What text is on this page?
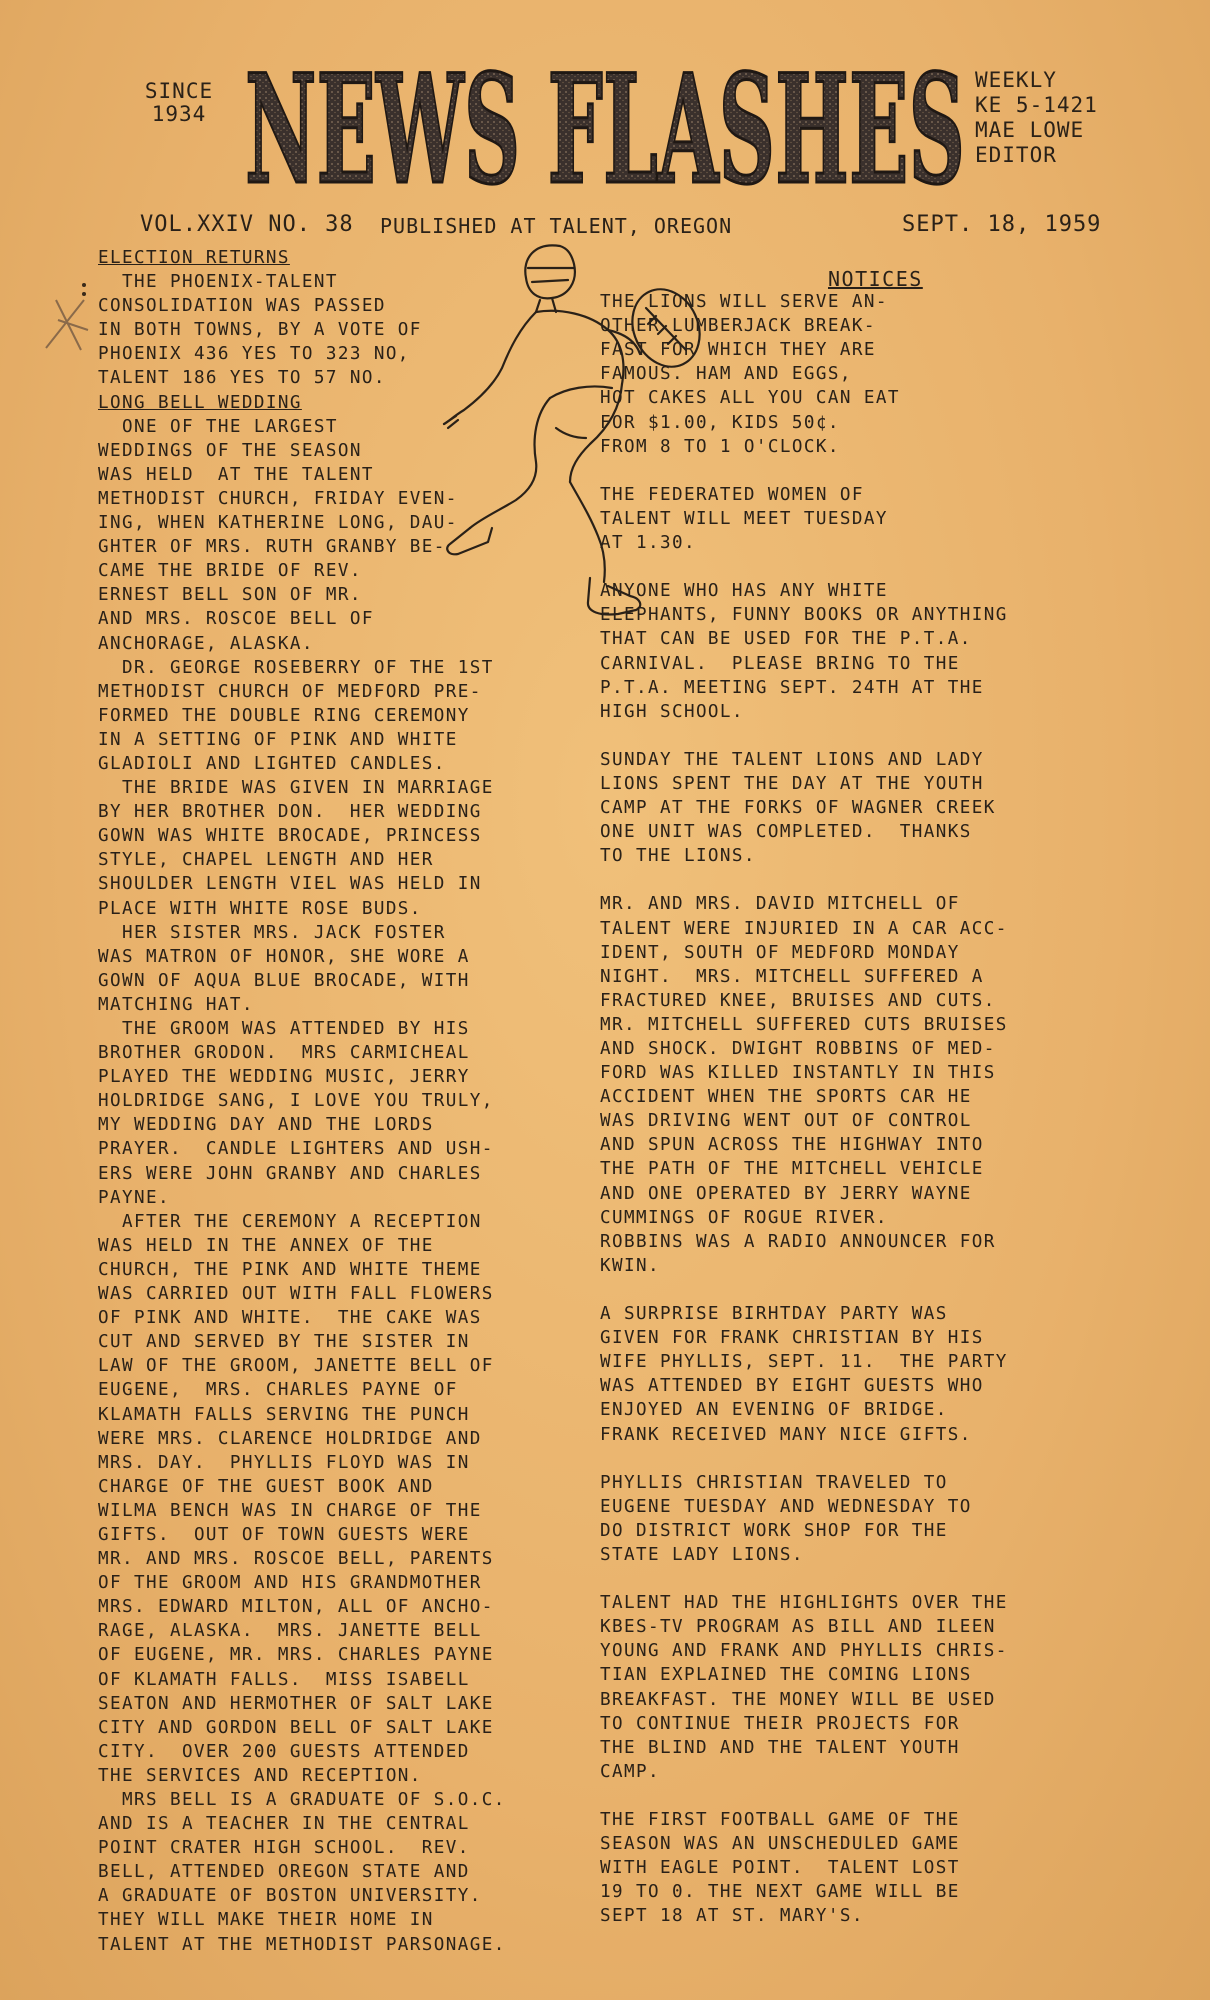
SINCE 1934 NEWS FLASHES WEEKLY
KE 5-1421
MAE LOWE
EDITOR
VOL.XXIV NO. 38 PUBLISHED AT TALENT, OREGON	SEPT. 18, 1959
ELECTION RETURNS
THE PHOENIX-TALENT
CONSOLIDATION WAS PASSED
IN BOTH TOWNS, BY A VOTE OF
PHOENIX 436 YES TO 323 NO,
TALENT 186 YES TO 57 NO.
LONG BELL WEDDING
ONE OF THE LARGEST
WEDDINGS OF THE SEASON
WAS HELD  AT THE TALENT
METHODIST CHURCH, FRIDAY EVEN-
ING, WHEN KATHERINE LONG, DAU-
GHTER OF MRS. RUTH GRANBY BE-
CAME THE BRIDE OF REV.
ERNEST BELL SON OF MR.
AND MRS. ROSCOE BELL OF
ANCHORAGE, ALASKA.
DR. GEORGE ROSEBERRY OF THE 1ST
METHODIST CHURCH OF MEDFORD PRE-
FORMED THE DOUBLE RING CEREMONY
IN A SETTING OF PINK AND WHITE
GLADIOLI AND LIGHTED CANDLES.
THE BRIDE WAS GIVEN IN MARRIAGE
BY HER BROTHER DON.  HER WEDDING
GOWN WAS WHITE BROCADE, PRINCESS
STYLE, CHAPEL LENGTH AND HER
SHOULDER LENGTH VIEL WAS HELD IN
PLACE WITH WHITE ROSE BUDS.
HER SISTER MRS. JACK FOSTER
WAS MATRON OF HONOR, SHE WORE A
GOWN OF AQUA BLUE BROCADE, WITH
MATCHING HAT.
THE GROOM WAS ATTENDED BY HIS
BROTHER GRODON.  MRS CARMICHEAL
PLAYED THE WEDDING MUSIC, JERRY
HOLDRIDGE SANG, I LOVE YOU TRULY,
MY WEDDING DAY AND THE LORDS
PRAYER.  CANDLE LIGHTERS AND USH-
ERS WERE JOHN GRANBY AND CHARLES
PAYNE.
AFTER THE CEREMONY A RECEPTION
WAS HELD IN THE ANNEX OF THE
CHURCH, THE PINK AND WHITE THEME
WAS CARRIED OUT WITH FALL FLOWERS
OF PINK AND WHITE.  THE CAKE WAS
CUT AND SERVED BY THE SISTER IN
LAW OF THE GROOM, JANETTE BELL OF
EUGENE,  MRS. CHARLES PAYNE OF
KLAMATH FALLS SERVING THE PUNCH
WERE MRS. CLARENCE HOLDRIDGE AND
MRS. DAY.  PHYLLIS FLOYD WAS IN
CHARGE OF THE GUEST BOOK AND
WILMA BENCH WAS IN CHARGE OF THE
GIFTS.  OUT OF TOWN GUESTS WERE
MR. AND MRS. ROSCOE BELL, PARENTS
OF THE GROOM AND HIS GRANDMOTHER
MRS. EDWARD MILTON, ALL OF ANCHO-
RAGE, ALASKA.  MRS. JANETTE BELL
OF EUGENE, MR. MRS. CHARLES PAYNE
OF KLAMATH FALLS.  MISS ISABELL
SEATON AND HERMOTHER OF SALT LAKE
CITY AND GORDON BELL OF SALT LAKE
CITY.  OVER 200 GUESTS ATTENDED
THE SERVICES AND RECEPTION.
MRS BELL IS A GRADUATE OF S.O.C.
AND IS A TEACHER IN THE CENTRAL
POINT CRATER HIGH SCHOOL.  REV.
BELL, ATTENDED OREGON STATE AND
A GRADUATE OF BOSTON UNIVERSITY.
THEY WILL MAKE THEIR HOME IN
TALENT AT THE METHODIST PARSONAGE.
NOTICES
THE LIONS WILL SERVE AN-
OTHER LUMBERJACK BREAK-
FAST FOR WHICH THEY ARE
FAMOUS. HAM AND EGGS,
HOT CAKES ALL YOU CAN EAT
FOR $1.00, KIDS 50¢.
FROM 8 TO 1 O'CLOCK.
THE FEDERATED WOMEN OF
TALENT WILL MEET TUESDAY
AT 1.30.
ANYONE WHO HAS ANY WHITE
ELEPHANTS, FUNNY BOOKS OR ANYTHING
THAT CAN BE USED FOR THE P.T.A.
CARNIVAL.  PLEASE BRING TO THE
P.T.A. MEETING SEPT. 24TH AT THE
HIGH SCHOOL.
SUNDAY THE TALENT LIONS AND LADY
LIONS SPENT THE DAY AT THE YOUTH
CAMP AT THE FORKS OF WAGNER CREEK
ONE UNIT WAS COMPLETED.  THANKS
TO THE LIONS.
MR. AND MRS. DAVID MITCHELL OF
TALENT WERE INJURIED IN A CAR ACC-
IDENT, SOUTH OF MEDFORD MONDAY
NIGHT.  MRS. MITCHELL SUFFERED A
FRACTURED KNEE, BRUISES AND CUTS.
MR. MITCHELL SUFFERED CUTS BRUISES
AND SHOCK. DWIGHT ROBBINS OF MED-
FORD WAS KILLED INSTANTLY IN THIS
ACCIDENT WHEN THE SPORTS CAR HE
WAS DRIVING WENT OUT OF CONTROL
AND SPUN ACROSS THE HIGHWAY INTO
THE PATH OF THE MITCHELL VEHICLE
AND ONE OPERATED BY JERRY WAYNE
CUMMINGS OF ROGUE RIVER.
ROBBINS WAS A RADIO ANNOUNCER FOR
KWIN.
A SURPRISE BIRHTDAY PARTY WAS
GIVEN FOR FRANK CHRISTIAN BY HIS
WIFE PHYLLIS, SEPT. 11.  THE PARTY
WAS ATTENDED BY EIGHT GUESTS WHO
ENJOYED AN EVENING OF BRIDGE.
FRANK RECEIVED MANY NICE GIFTS.
PHYLLIS CHRISTIAN TRAVELED TO
EUGENE TUESDAY AND WEDNESDAY TO
DO DISTRICT WORK SHOP FOR THE
STATE LADY LIONS.
TALENT HAD THE HIGHLIGHTS OVER THE
KBES-TV PROGRAM AS BILL AND ILEEN
YOUNG AND FRANK AND PHYLLIS CHRIS-
TIAN EXPLAINED THE COMING LIONS
BREAKFAST. THE MONEY WILL BE USED
TO CONTINUE THEIR PROJECTS FOR
THE BLIND AND THE TALENT YOUTH
CAMP.
THE FIRST FOOTBALL GAME OF THE
SEASON WAS AN UNSCHEDULED GAME
WITH EAGLE POINT.  TALENT LOST
19 TO 0. THE NEXT GAME WILL BE
SEPT 18 AT ST. MARY'S.
